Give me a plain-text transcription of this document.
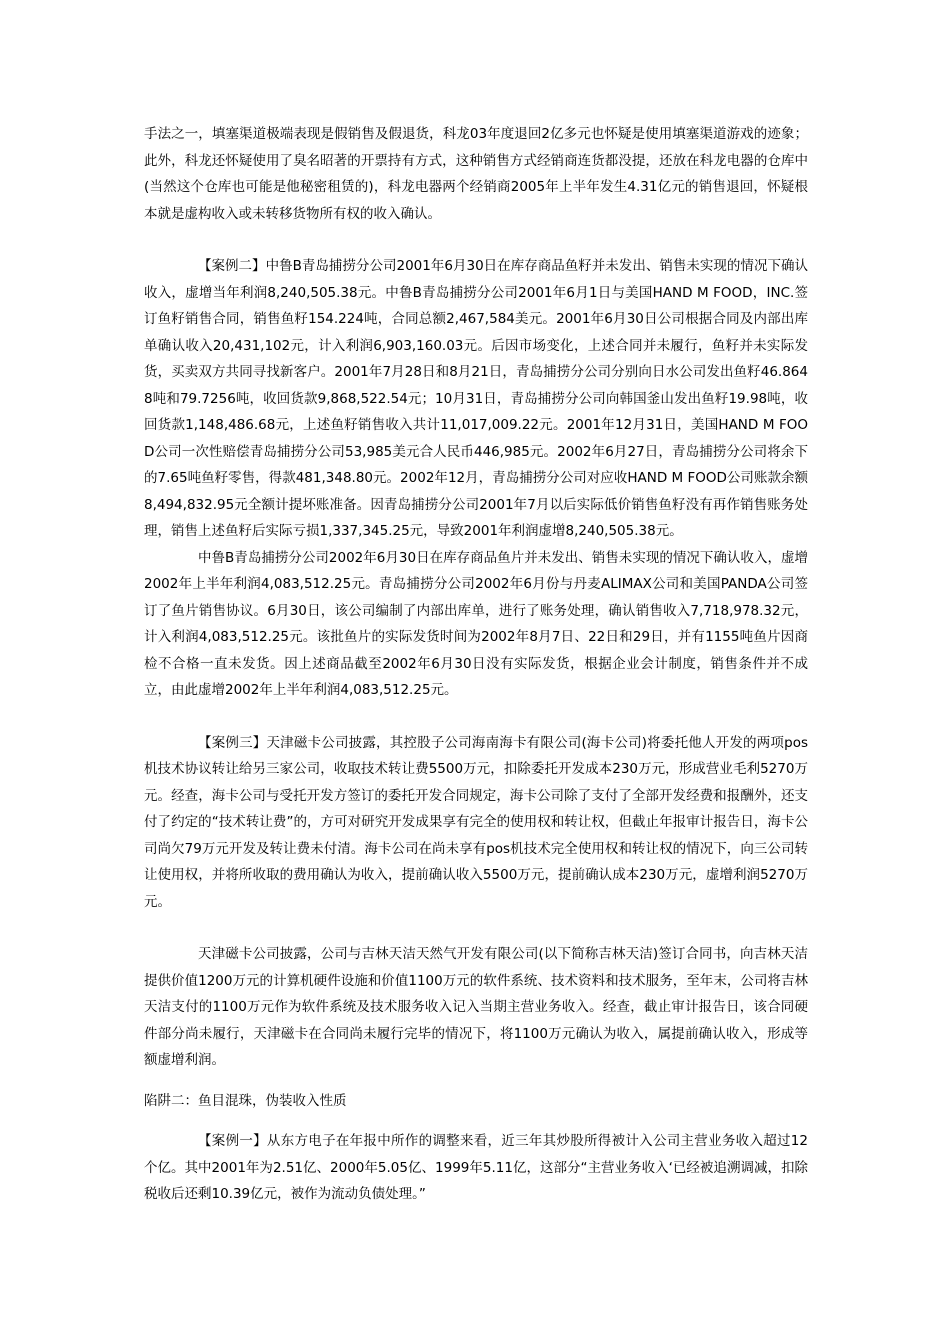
手法之一，填塞渠道极端表现是假销售及假退货，科龙03年度退回2亿多元也怀疑是使用填塞渠道游戏的迹象；此外，科龙还怀疑使用了臭名昭著的开票持有方式，这种销售方式经销商连货都没提，还放在科龙电器的仓库中(当然这个仓库也可能是他秘密租赁的)，科龙电器两个经销商2005年上半年发生4.31亿元的销售退回，怀疑根本就是虚构收入或未转移货物所有权的收入确认。

【案例二】中鲁B青岛捕捞分公司2001年6月30日在库存商品鱼籽并未发出、销售未实现的情况下确认收入，虚增当年利润8,240,505.38元。中鲁B青岛捕捞分公司2001年6月1日与美国HAND M FOOD，INC.签订鱼籽销售合同，销售鱼籽154.224吨，合同总额2,467,584美元。2001年6月30日公司根据合同及内部出库单确认收入20,431,102元，计入利润6,903,160.03元。后因市场变化，上述合同并未履行，鱼籽并未实际发货，买卖双方共同寻找新客户。2001年7月28日和8月21日，青岛捕捞分公司分别向日水公司发出鱼籽46.8648吨和79.7256吨，收回货款9,868,522.54元；10月31日，青岛捕捞分公司向韩国釜山发出鱼籽19.98吨，收回货款1,148,486.68元，上述鱼籽销售收入共计11,017,009.22元。2001年12月31日，美国HAND M FOOD公司一次性赔偿青岛捕捞分公司53,985美元合人民币446,985元。2002年6月27日，青岛捕捞分公司将余下的7.65吨鱼籽零售，得款481,348.80元。2002年12月，青岛捕捞分公司对应收HAND M FOOD公司账款余额8,494,832.95元全额计提坏账准备。因青岛捕捞分公司2001年7月以后实际低价销售鱼籽没有再作销售账务处理，销售上述鱼籽后实际亏损1,337,345.25元，导致2001年利润虚增8,240,505.38元。

中鲁B青岛捕捞分公司2002年6月30日在库存商品鱼片并未发出、销售未实现的情况下确认收入，虚增2002年上半年利润4,083,512.25元。青岛捕捞分公司2002年6月份与丹麦ALIMAX公司和美国PANDA公司签订了鱼片销售协议。6月30日，该公司编制了内部出库单，进行了账务处理，确认销售收入7,718,978.32元，计入利润4,083,512.25元。该批鱼片的实际发货时间为2002年8月7日、22日和29日，并有1155吨鱼片因商检不合格一直未发货。因上述商品截至2002年6月30日没有实际发货，根据企业会计制度，销售条件并不成立，由此虚增2002年上半年利润4,083,512.25元。

【案例三】天津磁卡公司披露，其控股子公司海南海卡有限公司(海卡公司)将委托他人开发的两项pos机技术协议转让给另三家公司，收取技术转让费5500万元，扣除委托开发成本230万元，形成营业毛利5270万元。经查，海卡公司与受托开发方签订的委托开发合同规定，海卡公司除了支付了全部开发经费和报酬外，还支付了约定的“技术转让费”的，方可对研究开发成果享有完全的使用权和转让权，但截止年报审计报告日，海卡公司尚欠79万元开发及转让费未付清。海卡公司在尚未享有pos机技术完全使用权和转让权的情况下，向三公司转让使用权，并将所收取的费用确认为收入，提前确认收入5500万元，提前确认成本230万元，虚增利润5270万元。

天津磁卡公司披露，公司与吉林天洁天然气开发有限公司(以下简称吉林天洁)签订合同书，向吉林天洁提供价值1200万元的计算机硬件设施和价值1100万元的软件系统、技术资料和技术服务，至年末，公司将吉林天洁支付的1100万元作为软件系统及技术服务收入记入当期主营业务收入。经查，截止审计报告日，该合同硬件部分尚未履行，天津磁卡在合同尚未履行完毕的情况下，将1100万元确认为收入，属提前确认收入，形成等额虚增利润。

陷阱二：鱼目混珠，伪装收入性质

【案例一】从东方电子在年报中所作的调整来看，近三年其炒股所得被计入公司主营业务收入超过12个亿。其中2001年为2.51亿、2000年5.05亿、1999年5.11亿，这部分“主营业务收入‘已经被追溯调减，扣除税收后还剩10.39亿元，被作为流动负债处理。”
